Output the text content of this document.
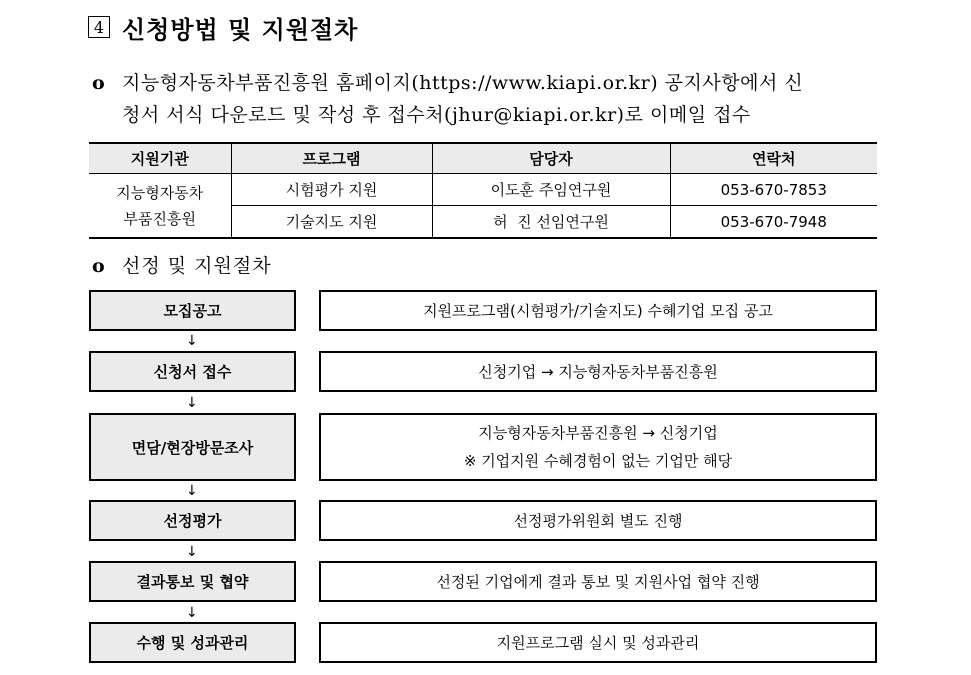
4 신청방법 및 지원절차
o 지능형자동차부품진흥원 홈페이지(https://www.kiapi.or.kr) 공지사항에서 신
청서 서식 다운로드 및 작성 후 접수처(jhur@kiapi.or.kr)로 이메일 접수
지원기관	프로그램	담당자	연락처

지능형자동차
부품진흥원	시험평가 지원	이도훈 주임연구원	053-670-7853
	기술지도 지원	허  진 선임연구원	053-670-7948
o 선정 및 지원절차
모집공고	지원프로그램(시험평가/기술지도) 수혜기업 모집 공고
↓
신청서 접수	신청기업 → 지능형자동차부품진흥원
↓
면담/현장방문조사
지능형자동차부품진흥원 → 신청기업
※ 기업지원 수혜경험이 없는 기업만 해당
↓
선정평가	선정평가위원회 별도 진행
↓
결과통보 및 협약	선정된 기업에게 결과 통보 및 지원사업 협약 진행
↓
수행 및 성과관리	지원프로그램 실시 및 성과관리
